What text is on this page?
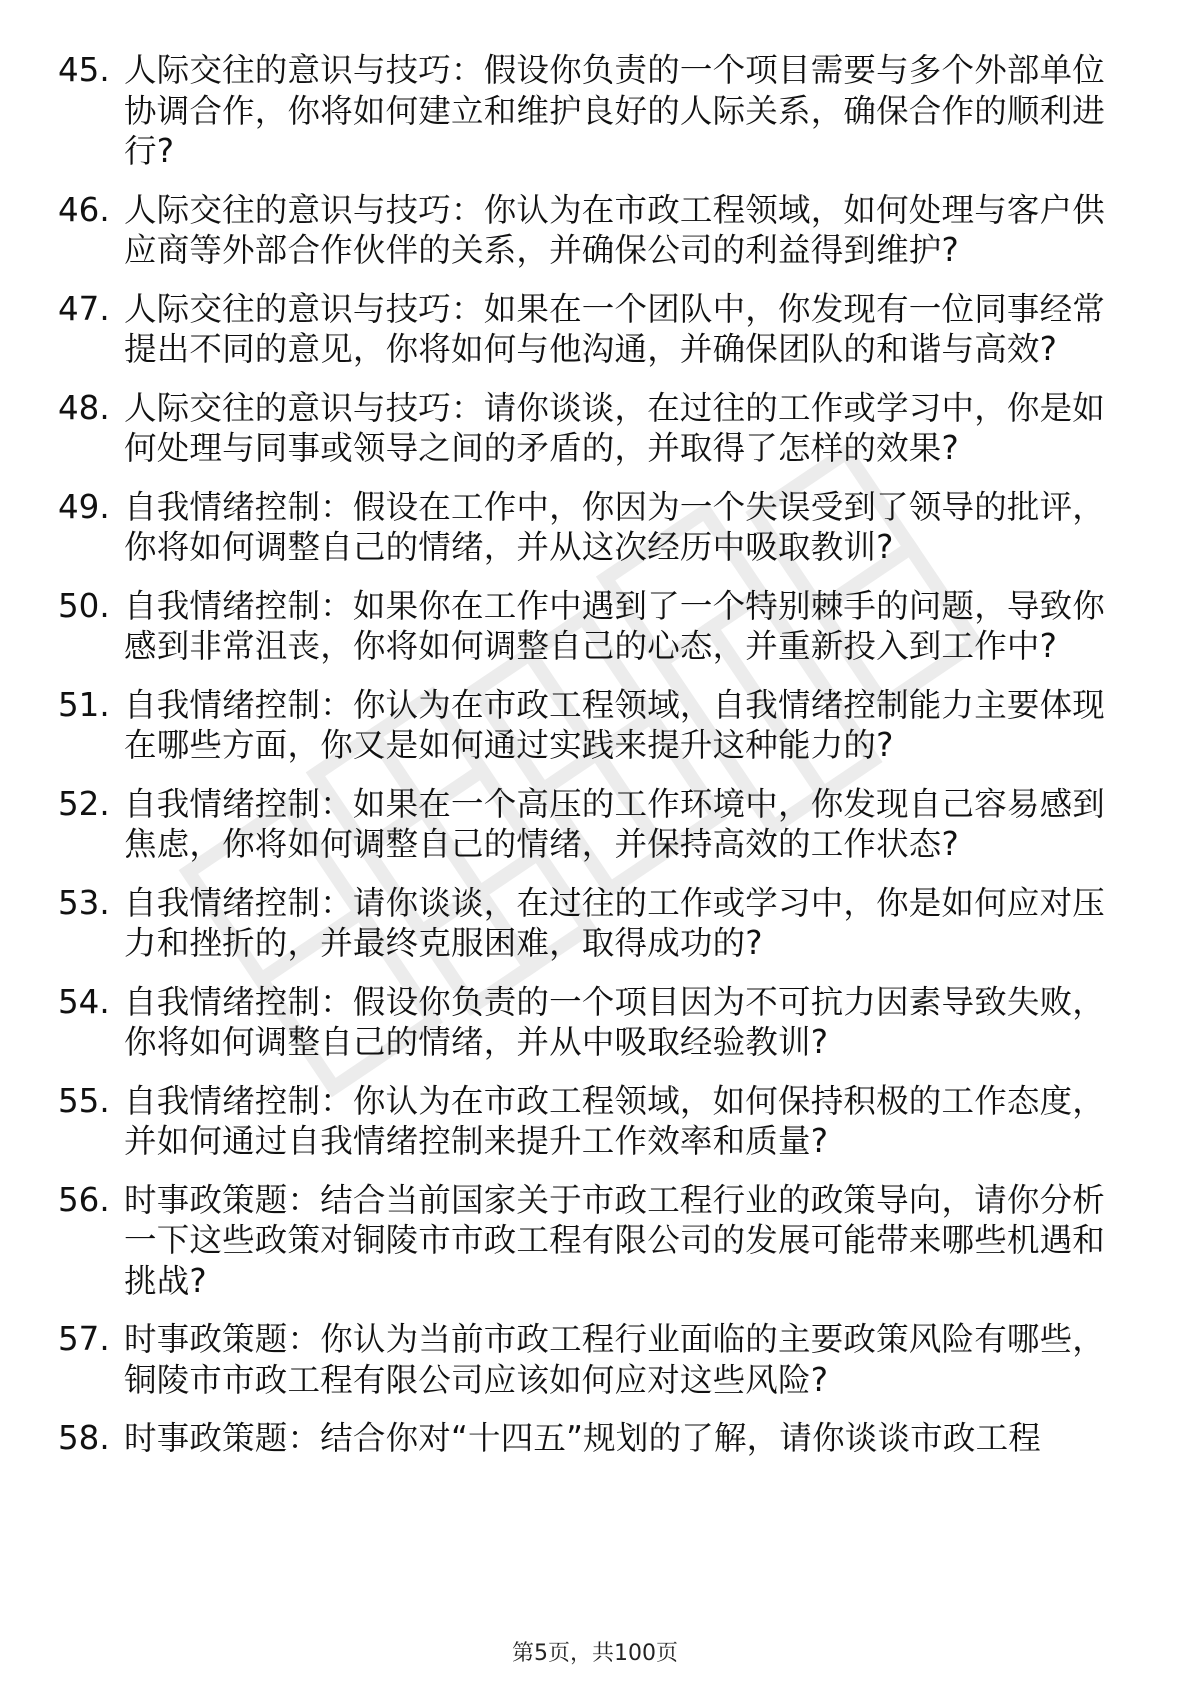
45. 人际交往的意识与技巧：假设你负责的一个项目需要与多个外部单位协调合作，你将如何建立和维护良好的人际关系，确保合作的顺利进行?
46. 人际交往的意识与技巧：你认为在市政工程领域，如何处理与客户供应商等外部合作伙伴的关系，并确保公司的利益得到维护?
47. 人际交往的意识与技巧：如果在一个团队中，你发现有一位同事经常提出不同的意见，你将如何与他沟通，并确保团队的和谐与高效?
48. 人际交往的意识与技巧：请你谈谈，在过往的工作或学习中，你是如何处理与同事或领导之间的矛盾的，并取得了怎样的效果?
49. 自我情绪控制：假设在工作中，你因为一个失误受到了领导的批评，你将如何调整自己的情绪，并从这次经历中吸取教训?
50. 自我情绪控制：如果你在工作中遇到了一个特别棘手的问题，导致你感到非常沮丧，你将如何调整自己的心态，并重新投入到工作中?
51. 自我情绪控制：你认为在市政工程领域，自我情绪控制能力主要体现在哪些方面，你又是如何通过实践来提升这种能力的?
52. 自我情绪控制：如果在一个高压的工作环境中，你发现自己容易感到焦虑，你将如何调整自己的情绪，并保持高效的工作状态?
53. 自我情绪控制：请你谈谈，在过往的工作或学习中，你是如何应对压力和挫折的，并最终克服困难，取得成功的?
54. 自我情绪控制：假设你负责的一个项目因为不可抗力因素导致失败，你将如何调整自己的情绪，并从中吸取经验教训?
55. 自我情绪控制：你认为在市政工程领域，如何保持积极的工作态度，并如何通过自我情绪控制来提升工作效率和质量?
56. 时事政策题：结合当前国家关于市政工程行业的政策导向，请你分析一下这些政策对铜陵市市政工程有限公司的发展可能带来哪些机遇和挑战?
57. 时事政策题：你认为当前市政工程行业面临的主要政策风险有哪些，铜陵市市政工程有限公司应该如何应对这些风险?
58. 时事政策题：结合你对“十四五”规划的了解，请你谈谈市政工程
第5页，共100页
